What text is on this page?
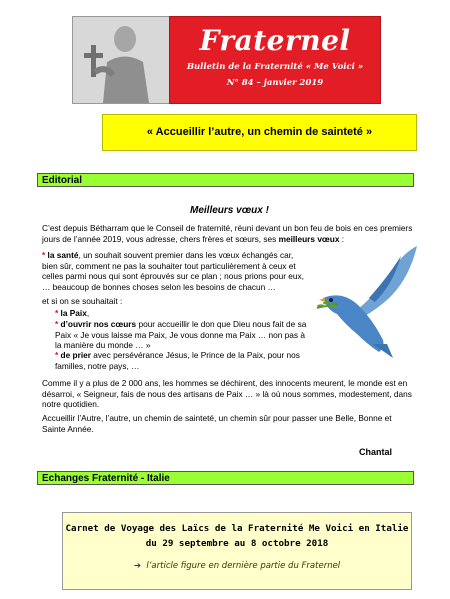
Fraternel
Bulletin de la Fraternité « Me Voici »
N° 84 – janvier 2019
« Accueillir l’autre, un chemin de sainteté »
Editorial
Meilleurs vœux !
C’est depuis Bétharram que le Conseil de fraternité, réuni devant un bon feu de bois en ces premiers jours de l’année 2019, vous adresse, chers frères et sœurs, ses meilleurs vœux :
* la santé, un souhait souvent premier dans les vœux échangés car, bien sûr, comment ne pas la souhaiter tout particulièrement à ceux et celles parmi nous qui sont éprouvés sur ce plan ; nous prions pour eux, … beaucoup de bonnes choses selon les besoins de chacun …
et si on se souhaitait :
* la Paix,
* d’ouvrir nos cœurs pour accueillir le don que Dieu nous fait de sa Paix « Je vous laisse ma Paix, Je vous donne ma Paix … non pas à la manière du monde … »
* de prier avec persévérance Jésus, le Prince de la Paix, pour nos familles, notre pays, …
Comme il y a plus de 2 000 ans, les hommes se déchirent, des innocents meurent, le monde est en désarroi, « Seigneur, fais de nous des artisans de Paix … » là où nous sommes, modestement, dans notre quotidien.
Accueillir l’Autre, l’autre, un chemin de sainteté, un chemin sûr pour passer une Belle, Bonne et Sainte Année.
Chantal
Echanges Fraternité - Italie
Carnet de Voyage des Laïcs de la Fraternité Me Voici en Italie
du 29 septembre au 8 octobre 2018
➔ l’article figure en dernière partie du Fraternel
